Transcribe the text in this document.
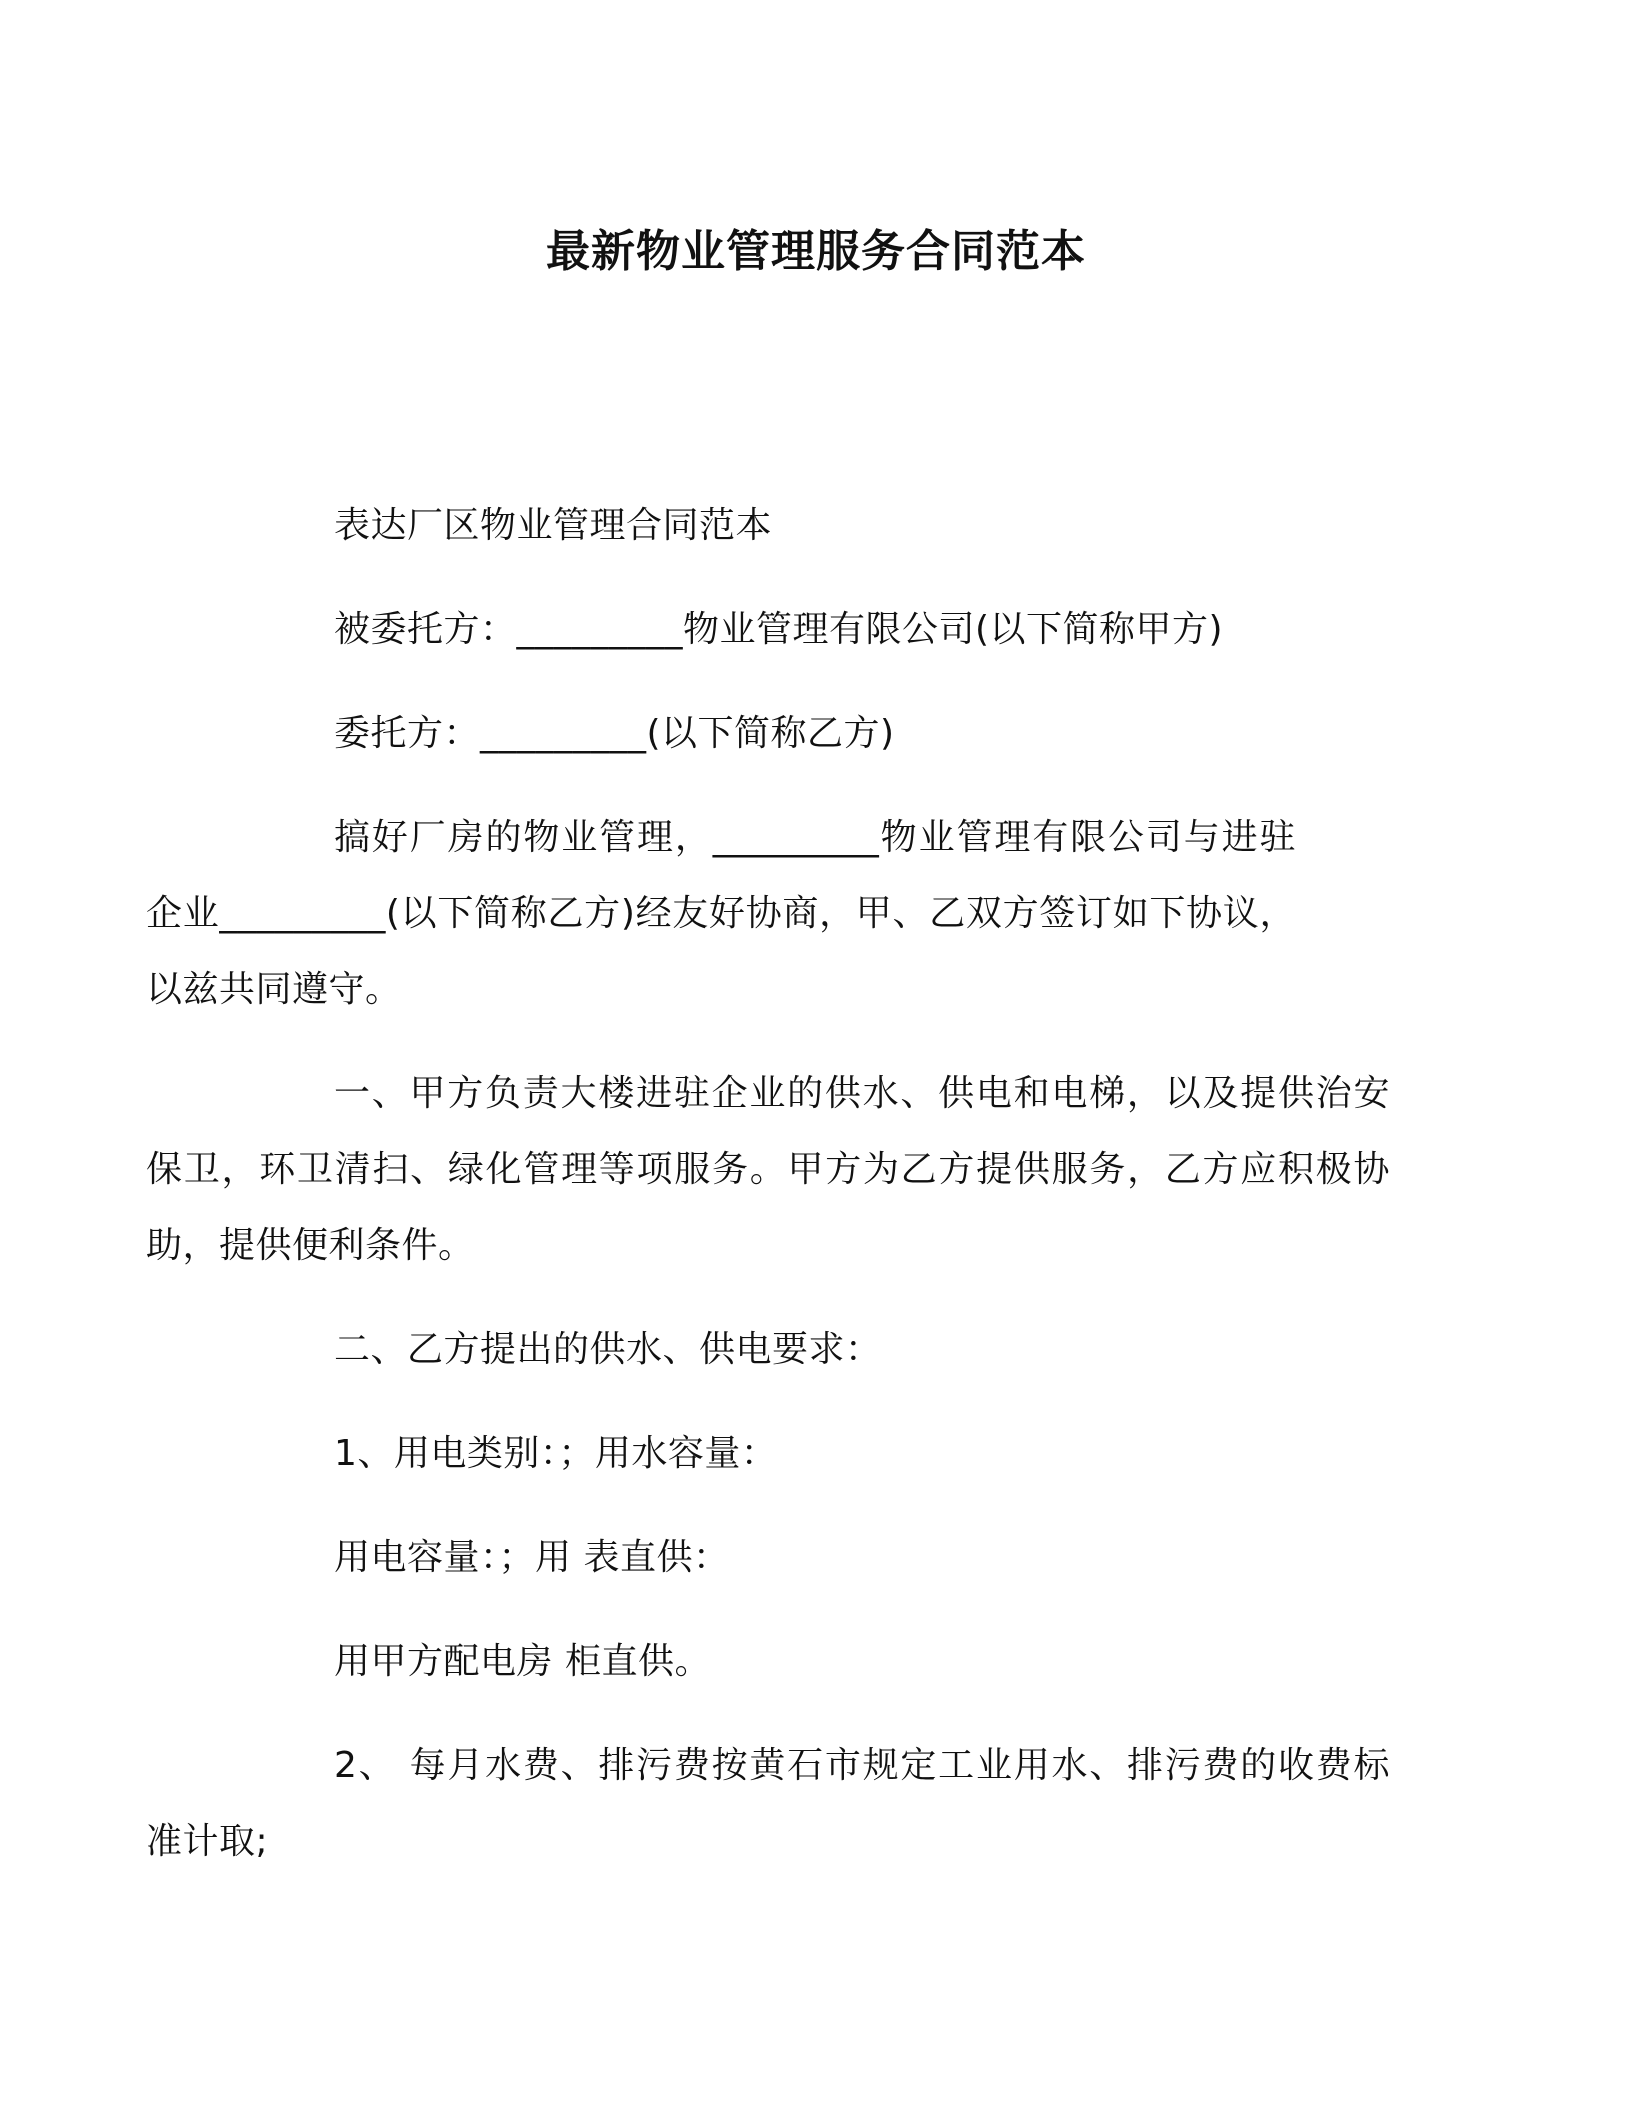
最新物业管理服务合同范本

表达厂区物业管理合同范本

被委托方：_________物业管理有限公司(以下简称甲方)

委托方：_________(以下简称乙方)

搞好厂房的物业管理，_________物业管理有限公司与进驻企业_________(以下简称乙方)经友好协商，甲、乙双方签订如下协议，以兹共同遵守。

一、甲方负责大楼进驻企业的供水、供电和电梯，以及提供治安保卫，环卫清扫、绿化管理等项服务。甲方为乙方提供服务，乙方应积极协助，提供便利条件。

二、乙方提出的供水、供电要求：

1、用电类别：；用水容量：

用电容量：；用 表直供：

用甲方配电房 柜直供。

2、 每月水费、排污费按黄石市规定工业用水、排污费的收费标准计取;
